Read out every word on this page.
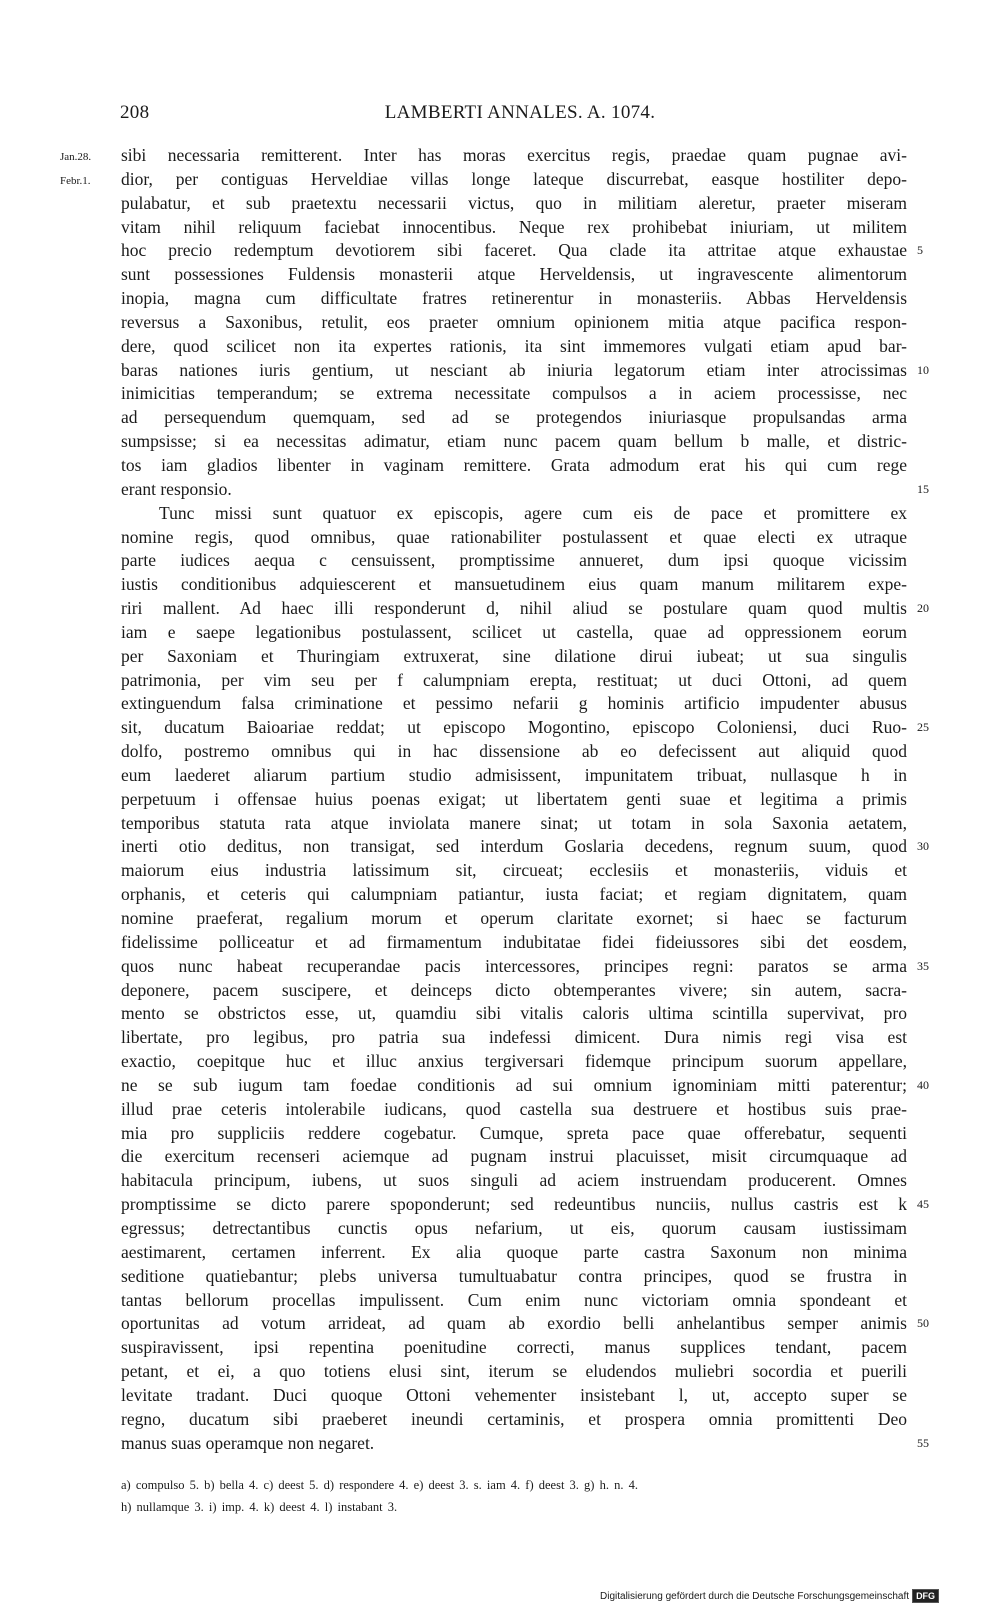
208	LAMBERTI ANNALES. A. 1074.
Jan.28.
Febr.1.
sibi necessaria remitterent. Inter has moras exercitus regis, praedae quam pugnae avi-
dior, per contiguas Herveldiae villas longe lateque discurrebat, easque hostiliter depo-
pulabatur, et sub praetextu necessarii victus, quo in militiam aleretur, praeter miseram
vitam nihil reliquum faciebat innocentibus. Neque rex prohibebat iniuriam, ut militem
hoc precio redemptum devotiorem sibi faceret. Qua clade ita attritae atque exhaustae 5
sunt possessiones Fuldensis monasterii atque Herveldensis, ut ingravescente alimentorum
inopia, magna cum difficultate fratres retinerentur in monasteriis. Abbas Herveldensis
reversus a Saxonibus, retulit, eos praeter omnium opinionem mitia atque pacifica respon-
dere, quod scilicet non ita expertes rationis, ita sint immemores vulgati etiam apud bar-
baras nationes iuris gentium, ut nesciant ab iniuria legatorum etiam inter atrocissimas 10
inimicitias temperandum; se extrema necessitate compulsos a in aciem processisse, nec
ad persequendum quemquam, sed ad se protegendos iniuriasque propulsandas arma
sumpsisse; si ea necessitas adimatur, etiam nunc pacem quam bellum b malle, et distric-
tos iam gladios libenter in vaginam remittere. Grata admodum erat his qui cum rege
erant responsio.	15
Tunc missi sunt quatuor ex episcopis, agere cum eis de pace et promittere ex
nomine regis, quod omnibus, quae rationabiliter postulassent et quae electi ex utraque
parte iudices aequa c censuissent, promptissime annueret, dum ipsi quoque vicissim
iustis conditionibus adquiescerent et mansuetudinem eius quam manum militarem expe-
riri mallent. Ad haec illi responderunt d, nihil aliud se postulare quam quod multis 20
iam e saepe legationibus postulassent, scilicet ut castella, quae ad oppressionem eorum
per Saxoniam et Thuringiam extruxerat, sine dilatione dirui iubeat; ut sua singulis
patrimonia, per vim seu per f calumpniam erepta, restituat; ut duci Ottoni, ad quem
extinguendum falsa criminatione et pessimo nefarii g hominis artificio impudenter abusus
sit, ducatum Baioariae reddat; ut episcopo Mogontino, episcopo Coloniensi, duci Ruo- 25
dolfo, postremo omnibus qui in hac dissensione ab eo defecissent aut aliquid quod
eum laederet aliarum partium studio admisissent, impunitatem tribuat, nullasque h in
perpetuum i offensae huius poenas exigat; ut libertatem genti suae et legitima a primis
temporibus statuta rata atque inviolata manere sinat; ut totam in sola Saxonia aetatem,
inerti otio deditus, non transigat, sed interdum Goslaria decedens, regnum suum, quod 30
maiorum eius industria latissimum sit, circueat; ecclesiis et monasteriis, viduis et
orphanis, et ceteris qui calumpniam patiantur, iusta faciat; et regiam dignitatem, quam
nomine praeferat, regalium morum et operum claritate exornet; si haec se facturum
fidelissime polliceatur et ad firmamentum indubitatae fidei fideiussores sibi det eosdem,
quos nunc habeat recuperandae pacis intercessores, principes regni: paratos se arma 35
deponere, pacem suscipere, et deinceps dicto obtemperantes vivere; sin autem, sacra-
mento se obstrictos esse, ut, quamdiu sibi vitalis caloris ultima scintilla supervivat, pro
libertate, pro legibus, pro patria sua indefessi dimicent. Dura nimis regi visa est
exactio, coepitque huc et illuc anxius tergiversari fidemque principum suorum appellare,
ne se sub iugum tam foedae conditionis ad sui omnium ignominiam mitti paterentur; 40
illud prae ceteris intolerabile iudicans, quod castella sua destruere et hostibus suis prae-
mia pro suppliciis reddere cogebatur. Cumque, spreta pace quae offerebatur, sequenti
die exercitum recenseri aciemque ad pugnam instrui placuisset, misit circumquaque ad
habitacula principum, iubens, ut suos singuli ad aciem instruendam producerent. Omnes
promptissime se dicto parere spoponderunt; sed redeuntibus nunciis, nullus castris est k 45
egressus; detrectantibus cunctis opus nefarium, ut eis, quorum causam iustissimam
aestimarent, certamen inferrent. Ex alia quoque parte castra Saxonum non minima
seditione quatiebantur; plebs universa tumultuabatur contra principes, quod se frustra in
tantas bellorum procellas impulissent. Cum enim nunc victoriam omnia spondeant et
oportunitas ad votum arrideat, ad quam ab exordio belli anhelantibus semper animis 50
suspiravissent, ipsi repentina poenitudine correcti, manus supplices tendant, pacem
petant, et ei, a quo totiens elusi sint, iterum se eludendos muliebri socordia et puerili
levitate tradant. Duci quoque Ottoni vehementer insistebant l, ut, accepto super se
regno, ducatum sibi praeberet ineundi certaminis, et prospera omnia promittenti Deo
manus suas operamque non negaret.	55
a) compulso 5. b) bella 4. c) deest 5. d) respondere 4. e) deest 3. s. iam 4. f) deest 3. g) h. n. 4.
h) nullamque 3. i) imp. 4. k) deest 4. l) instabant 3.
Digitalisierung gefördert durch die Deutsche Forschungsgemeinschaft DFG
